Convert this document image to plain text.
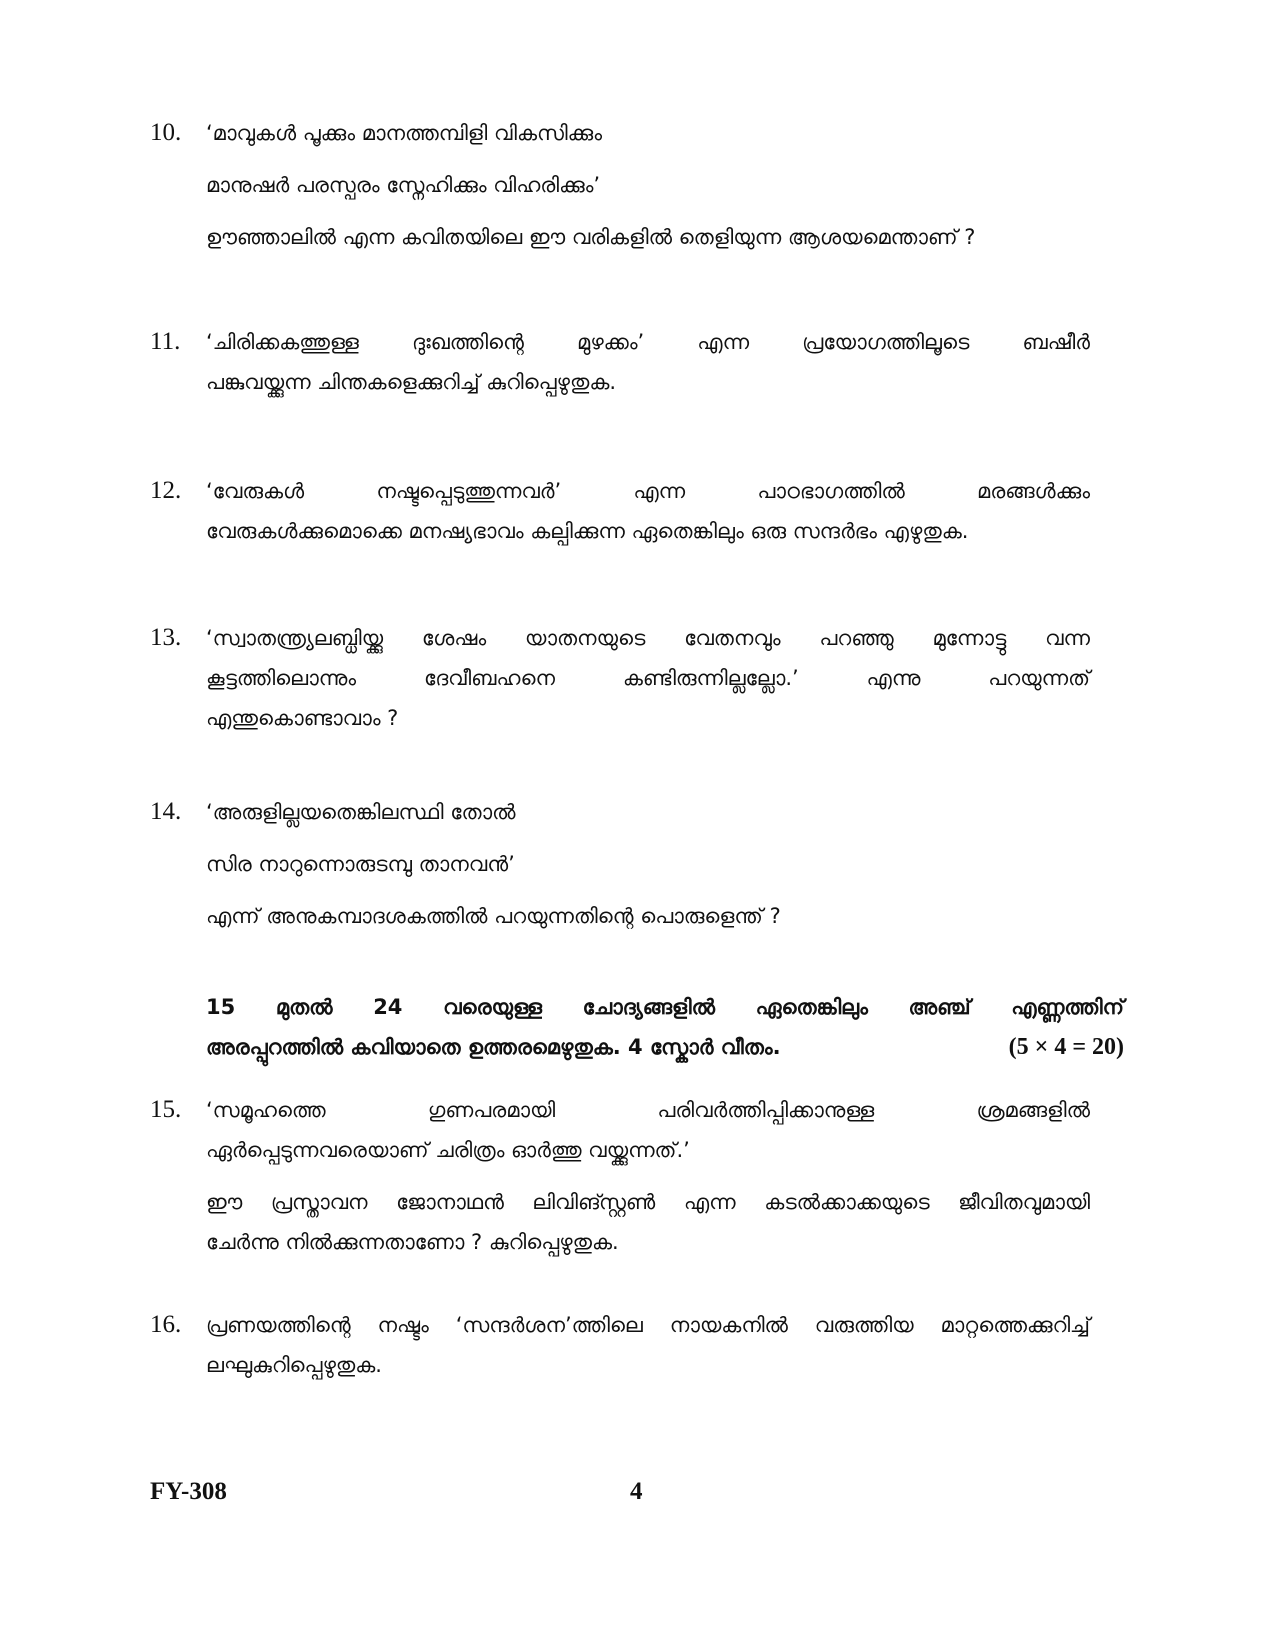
10. ‘മാവുകൾ പൂക്കും മാനത്തമ്പിളി വികസിക്കും
മാനുഷർ പരസ്പരം സ്നേഹിക്കും വിഹരിക്കും’
ഊഞ്ഞാലിൽ എന്ന കവിതയിലെ ഈ വരികളിൽ തെളിയുന്ന ആശയമെന്താണ് ?
11. ‘ചിരിക്കകത്തുള്ള ദുഃഖത്തിന്റെ മുഴക്കം’ എന്ന പ്രയോഗത്തിലൂടെ ബഷീർ
പങ്കുവയ്ക്കുന്ന ചിന്തകളെക്കുറിച്ച് കുറിപ്പെഴുതുക.
12. ‘വേരുകൾ നഷ്ടപ്പെടുത്തുന്നവർ’ എന്ന പാഠഭാഗത്തിൽ മരങ്ങൾക്കും
വേരുകൾക്കുമൊക്കെ മനഷ്യഭാവം കല്പിക്കുന്ന ഏതെങ്കിലും ഒരു സന്ദർഭം എഴുതുക.
13. ‘സ്വാതന്ത്ര്യലബ്ധിയ്ക്കു ശേഷം യാതനയുടെ വേതനവും പറഞ്ഞു മുന്നോട്ടു വന്ന
കൂട്ടത്തിലൊന്നും ദേവീബഹനെ കണ്ടിരുന്നില്ലല്ലോ.’ എന്നു പറയുന്നത്
എന്തുകൊണ്ടാവാം ?
14. ‘അരുളില്ലയതെങ്കിലസ്ഥി തോൽ
സിര നാറുന്നൊരുടമ്പു താനവൻ’
എന്ന് അനുകമ്പാദശകത്തിൽ പറയുന്നതിന്റെ പൊരുളെന്ത് ?
15 മുതൽ 24 വരെയുള്ള ചോദ്യങ്ങളിൽ ഏതെങ്കിലും അഞ്ച് എണ്ണത്തിന്
അരപ്പുറത്തിൽ കവിയാതെ ഉത്തരമെഴുതുക. 4 സ്കോർ വീതം.	(5 × 4 = 20)
15. ‘സമൂഹത്തെ ഗുണപരമായി പരിവർത്തിപ്പിക്കാനുള്ള ശ്രമങ്ങളിൽ
ഏർപ്പെടുന്നവരെയാണ് ചരിത്രം ഓർത്തു വയ്ക്കുന്നത്.’
ഈ പ്രസ്താവന ജോനാഥൻ ലിവിങ്സ്റ്റൺ എന്ന കടൽക്കാക്കയുടെ ജീവിതവുമായി
ചേർന്നു നിൽക്കുന്നതാണോ ? കുറിപ്പെഴുതുക.
16. പ്രണയത്തിന്റെ നഷ്ടം ‘സന്ദർശന’ത്തിലെ നായകനിൽ വരുത്തിയ മാറ്റത്തെക്കുറിച്ച്
ലഘുകുറിപ്പെഴുതുക.
FY-308	4
